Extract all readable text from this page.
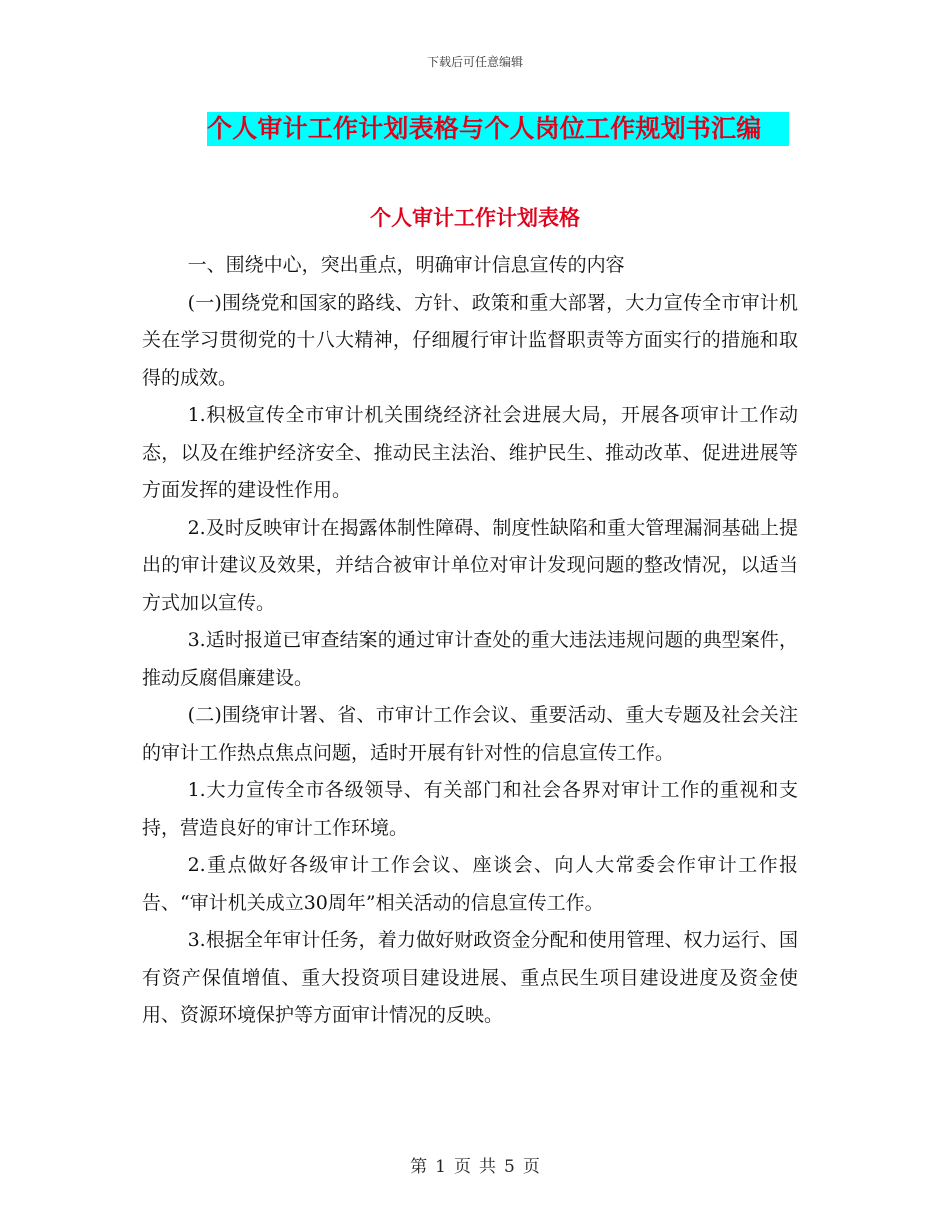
下载后可任意编辑
个人审计工作计划表格与个人岗位工作规划书汇编
个人审计工作计划表格

一、围绕中心，突出重点，明确审计信息宣传的内容

(一)围绕党和国家的路线、方针、政策和重大部署，大力宣传全市审计机关在学习贯彻党的十八大精神，仔细履行审计监督职责等方面实行的措施和取得的成效。

1.积极宣传全市审计机关围绕经济社会进展大局，开展各项审计工作动态，以及在维护经济安全、推动民主法治、维护民生、推动改革、促进进展等方面发挥的建设性作用。

2.及时反映审计在揭露体制性障碍、制度性缺陷和重大管理漏洞基础上提出的审计建议及效果，并结合被审计单位对审计发现问题的整改情况，以适当方式加以宣传。

3.适时报道已审查结案的通过审计查处的重大违法违规问题的典型案件，推动反腐倡廉建设。

(二)围绕审计署、省、市审计工作会议、重要活动、重大专题及社会关注的审计工作热点焦点问题，适时开展有针对性的信息宣传工作。

1.大力宣传全市各级领导、有关部门和社会各界对审计工作的重视和支持，营造良好的审计工作环境。

2.重点做好各级审计工作会议、座谈会、向人大常委会作审计工作报告、“审计机关成立30周年”相关活动的信息宣传工作。

3.根据全年审计任务，着力做好财政资金分配和使用管理、权力运行、国有资产保值增值、重大投资项目建设进展、重点民生项目建设进度及资金使用、资源环境保护等方面审计情况的反映。

第 1 页 共 5 页
